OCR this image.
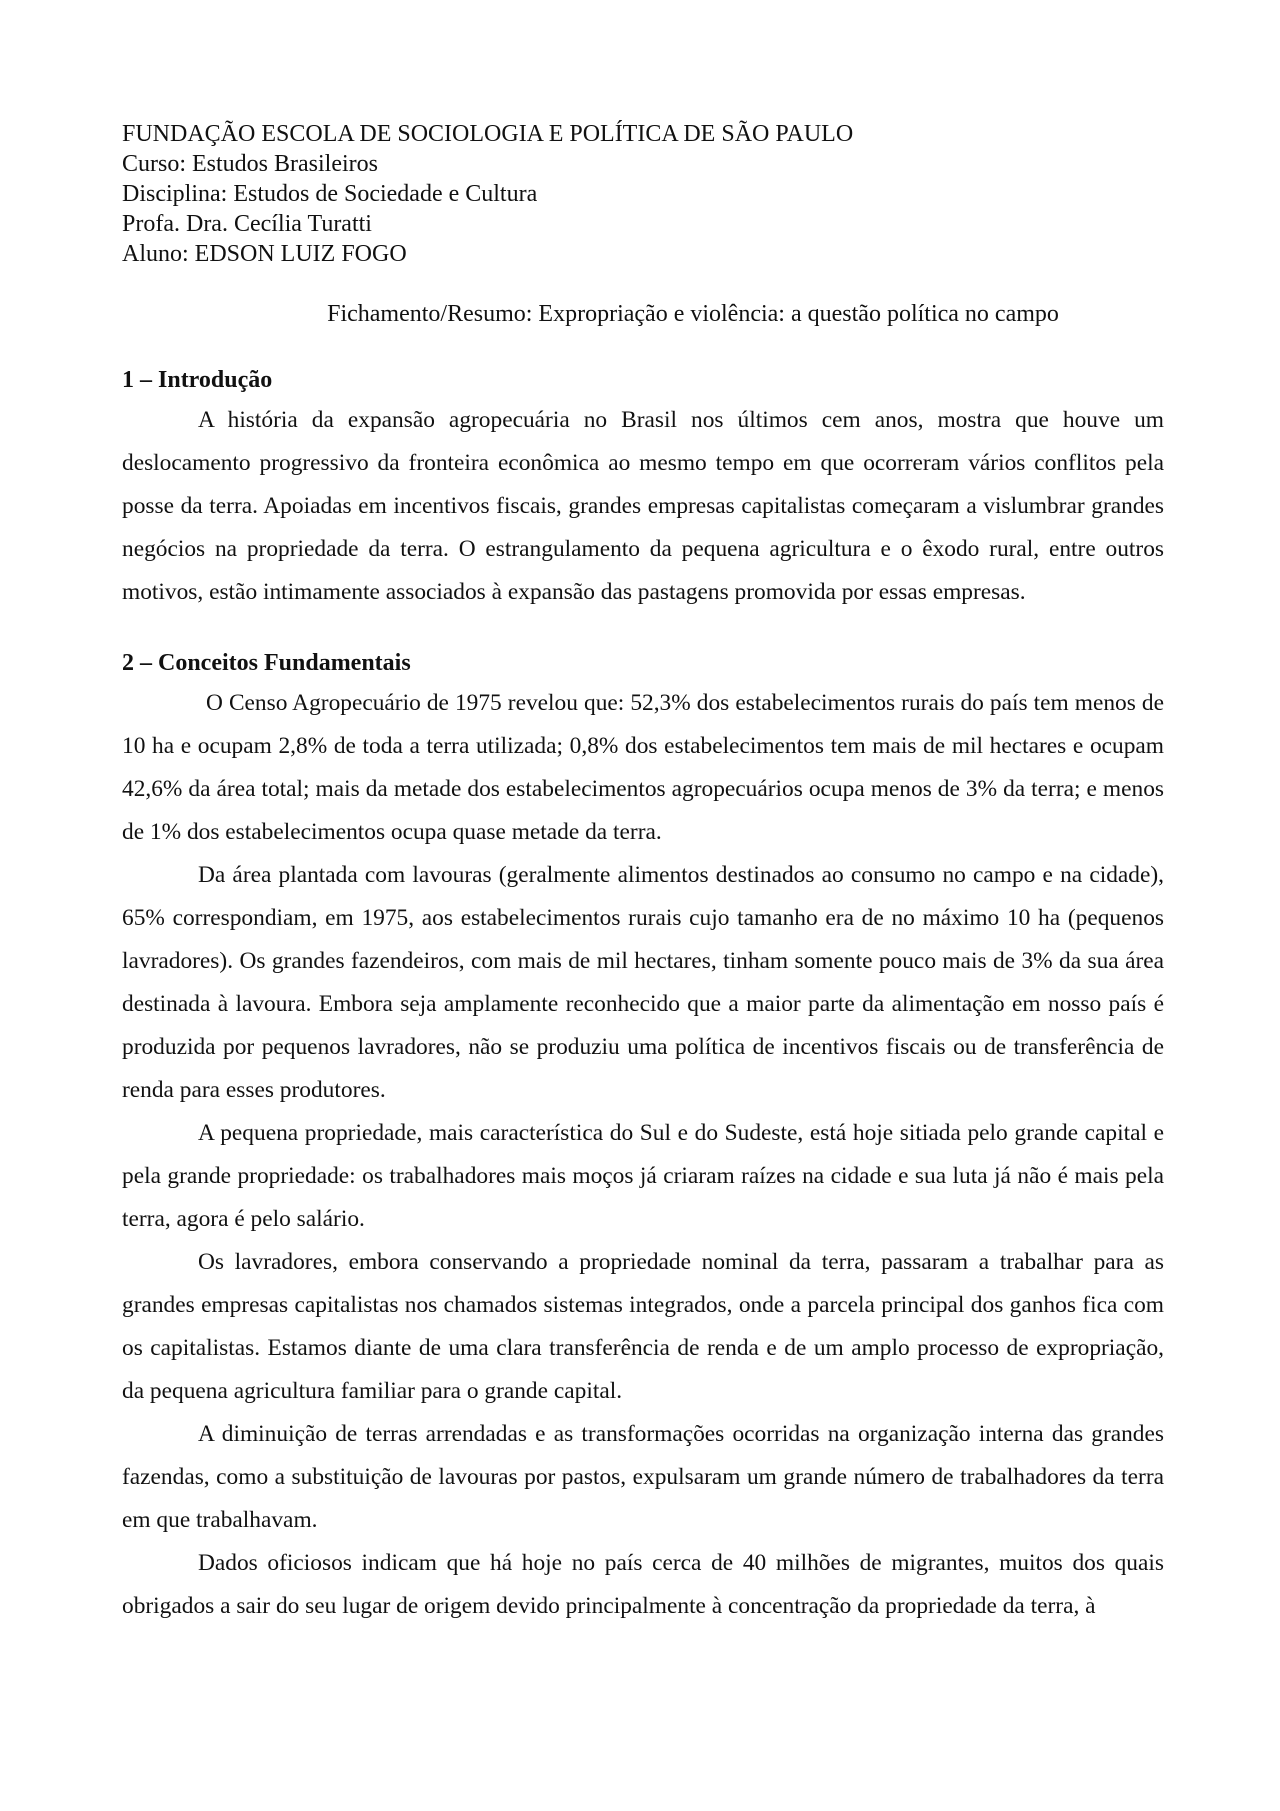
FUNDAÇÃO ESCOLA DE SOCIOLOGIA E POLÍTICA DE SÃO PAULO
Curso: Estudos Brasileiros
Disciplina: Estudos de Sociedade e Cultura
Profa. Dra. Cecília Turatti
Aluno: EDSON LUIZ FOGO
Fichamento/Resumo: Expropriação e violência: a questão política no campo
1 – Introdução

A história da expansão agropecuária no Brasil nos últimos cem anos, mostra que houve um deslocamento progressivo da fronteira econômica ao mesmo tempo em que ocorreram vários conflitos pela posse da terra. Apoiadas em incentivos fiscais, grandes empresas capitalistas começaram a vislumbrar grandes negócios na propriedade da terra. O estrangulamento da pequena agricultura e o êxodo rural, entre outros motivos, estão intimamente associados à expansão das pastagens promovida por essas empresas.

2 – Conceitos Fundamentais

O Censo Agropecuário de 1975 revelou que: 52,3% dos estabelecimentos rurais do país tem menos de 10 ha e ocupam 2,8% de toda a terra utilizada; 0,8% dos estabelecimentos tem mais de mil hectares e ocupam 42,6% da área total; mais da metade dos estabelecimentos agropecuários ocupa menos de 3% da terra; e menos de 1% dos estabelecimentos ocupa quase metade da terra.

Da área plantada com lavouras (geralmente alimentos destinados ao consumo no campo e na cidade), 65% correspondiam, em 1975, aos estabelecimentos rurais cujo tamanho era de no máximo 10 ha (pequenos lavradores). Os grandes fazendeiros, com mais de mil hectares, tinham somente pouco mais de 3% da sua área destinada à lavoura. Embora seja amplamente reconhecido que a maior parte da alimentação em nosso país é produzida por pequenos lavradores, não se produziu uma política de incentivos fiscais ou de transferência de renda para esses produtores.

A pequena propriedade, mais característica do Sul e do Sudeste, está hoje sitiada pelo grande capital e pela grande propriedade: os trabalhadores mais moços já criaram raízes na cidade e sua luta já não é mais pela terra, agora é pelo salário.

Os lavradores, embora conservando a propriedade nominal da terra, passaram a trabalhar para as grandes empresas capitalistas nos chamados sistemas integrados, onde a parcela principal dos ganhos fica com os capitalistas. Estamos diante de uma clara transferência de renda e de um amplo processo de expropriação, da pequena agricultura familiar para o grande capital.

A diminuição de terras arrendadas e as transformações ocorridas na organização interna das grandes fazendas, como a substituição de lavouras por pastos, expulsaram um grande número de trabalhadores da terra em que trabalhavam.

Dados oficiosos indicam que há hoje no país cerca de 40 milhões de migrantes, muitos dos quais obrigados a sair do seu lugar de origem devido principalmente à concentração da propriedade da terra, à
